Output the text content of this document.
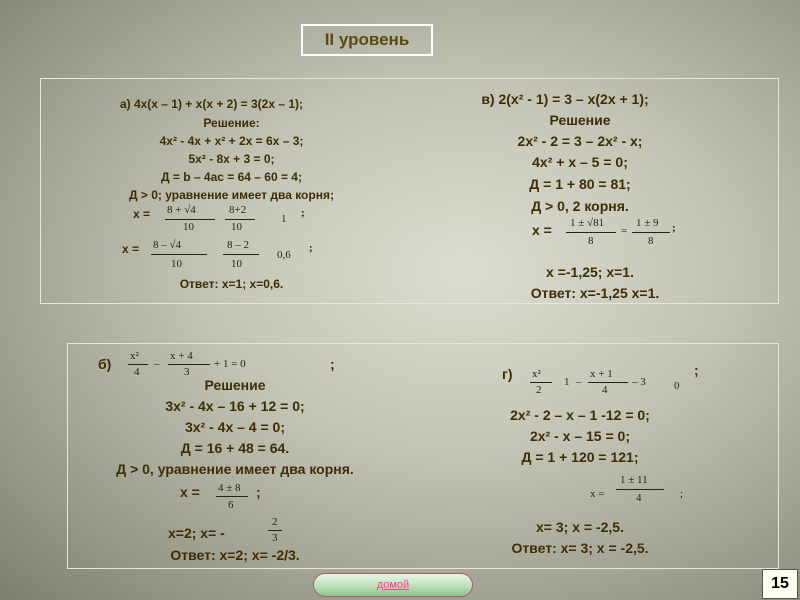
II уровень
а) 4x(x – 1) + x(x + 2) = 3(2x – 1);
Решение:
4x² - 4x + x² + 2x = 6x – 3;
5x² - 8x + 3 = 0;
Д = b – 4ac = 64 – 60 = 4;
Д > 0; уравнение имеет два корня;
x = 8 + √4
10
8+2
10
1 ;
x = 8 – √4
10
8 – 2
10
0,6
;
Ответ: x=1; x=0,6.
в) 2(x² - 1) = 3 – x(2x + 1);
Решение
2x² - 2 = 3 – 2x² - x;
4x² + x – 5 = 0;
Д = 1 + 80 = 81;
Д > 0, 2 корня.
x = 1 ± √81
8
=
1 ± 9
8
;
x =-1,25; x=1.
Ответ: x=-1,25 x=1.
б) x²
4
–
x + 4
3
+ 1 = 0	;
Решение
3x² - 4x – 16 + 12 = 0;
3x² - 4x – 4 = 0;
Д = 16 + 48 = 64.
Д > 0, уравнение имеет два корня.
x = 4 ± 8
6
;
x=2; x= -
2
3
Ответ: x=2; x= -2/3.
г) x²
2
1 –
x + 1
4
– 3	0
;
2x² - 2 – x – 1 -12 = 0;
2x² - x – 15 = 0;
Д = 1 + 120 = 121;
x =
1 ± 11
4	;
x= 3; x = -2,5.
Ответ: x= 3; x = -2,5.
домой	15
